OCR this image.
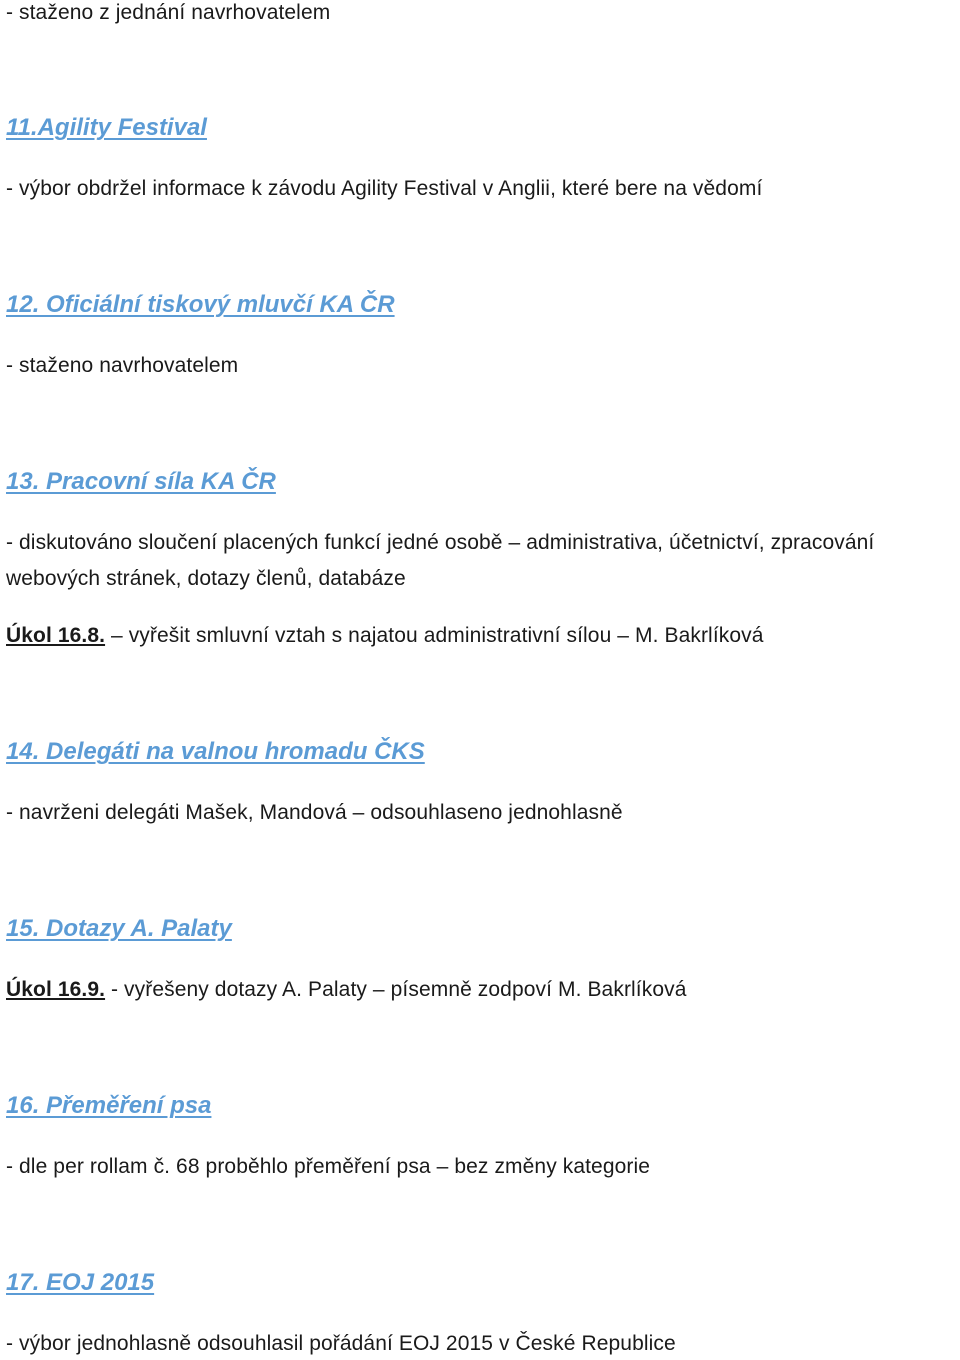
- staženo z jednání navrhovatelem
11.Agility Festival
- výbor obdržel informace k závodu Agility Festival v Anglii, které bere na vědomí
12. Oficiální tiskový mluvčí KA ČR
- staženo navrhovatelem
13. Pracovní síla KA ČR
- diskutováno sloučení placených funkcí jedné osobě – administrativa, účetnictví, zpracování
webových stránek, dotazy členů, databáze
Úkol 16.8. – vyřešit smluvní vztah s najatou administrativní sílou – M. Bakrlíková
14. Delegáti na valnou hromadu ČKS
- navrženi delegáti Mašek, Mandová – odsouhlaseno jednohlasně
15. Dotazy A. Palaty
Úkol 16.9. - vyřešeny dotazy A. Palaty – písemně zodpoví M. Bakrlíková
16. Přeměření psa
- dle per rollam č. 68 proběhlo přeměření psa – bez změny kategorie
17. EOJ 2015
- výbor jednohlasně odsouhlasil pořádání EOJ 2015 v České Republice
